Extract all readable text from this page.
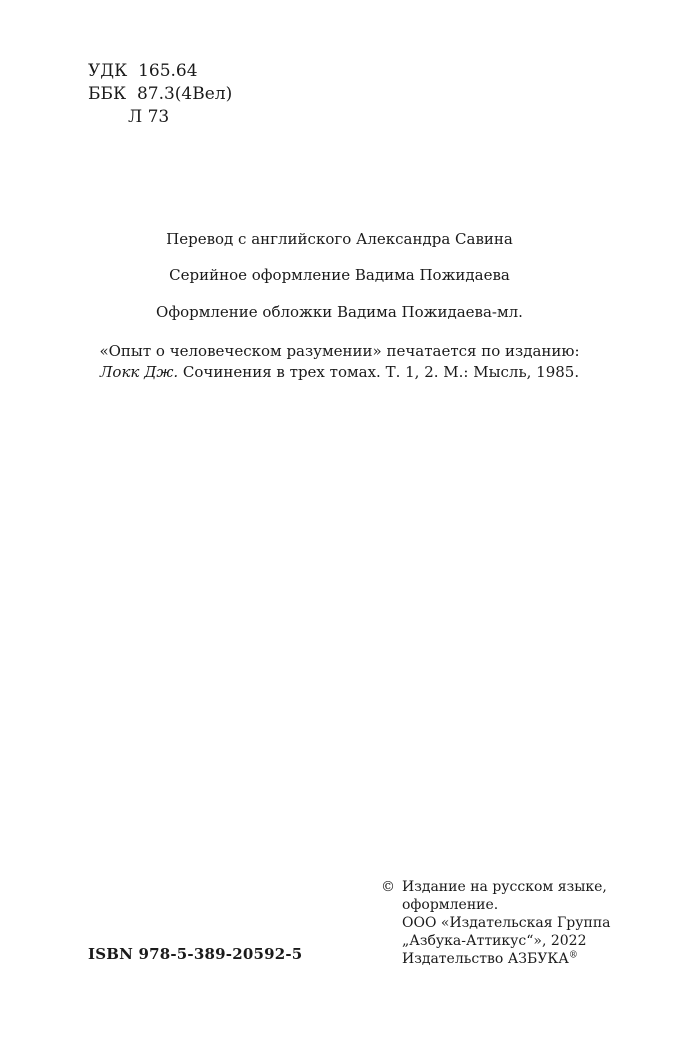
УДК  165.64
ББК  87.3(4Вел)
Л 73
Перевод с английского Александра Савина
Серийное оформление Вадима Пожидаева
Оформление обложки Вадима Пожидаева-мл.
«Опыт о человеческом разумении» печатается по изданию:
Локк Дж. Сочинения в трех томах. Т. 1, 2. М.: Мысль, 1985.
ISBN 978-5-389-20592-5
© Издание на русском языке,
оформление.
ООО «Издательская Группа
„Азбука-Аттикус“», 2022
Издательство АЗБУКА®
